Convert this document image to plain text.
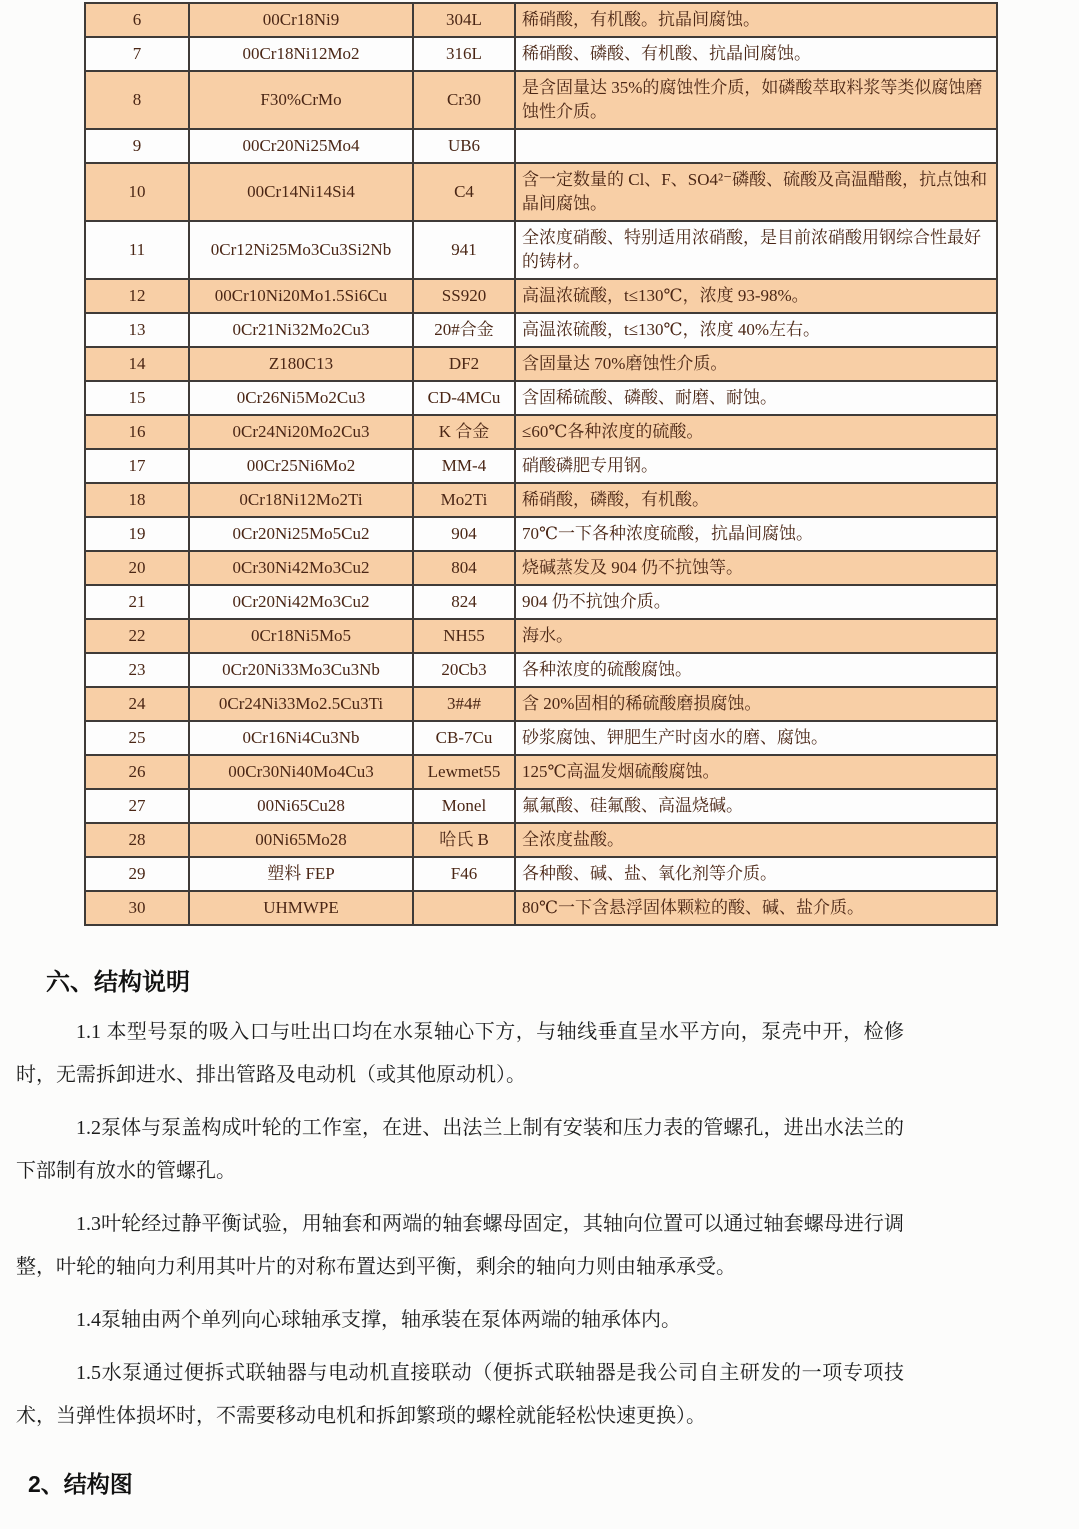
6	00Cr18Ni9	304L	稀硝酸，有机酸。抗晶间腐蚀。
7	00Cr18Ni12Mo2	316L	稀硝酸、磷酸、有机酸、抗晶间腐蚀。
8	F30%CrMo	Cr30	是含固量达 35%的腐蚀性介质，如磷酸萃取料浆等类似腐蚀磨蚀性介质。
9	00Cr20Ni25Mo4	UB6	
10	00Cr14Ni14Si4	C4	含一定数量的 Cl、F、SO4²⁻磷酸、硫酸及高温醋酸，抗点蚀和晶间腐蚀。
11	0Cr12Ni25Mo3Cu3Si2Nb	941	全浓度硝酸、特别适用浓硝酸，是目前浓硝酸用钢综合性最好的铸材。
12	00Cr10Ni20Mo1.5Si6Cu	SS920	高温浓硫酸，t≤130℃，浓度 93-98%。
13	0Cr21Ni32Mo2Cu3	20#合金	高温浓硫酸，t≤130℃，浓度 40%左右。
14	Z180C13	DF2	含固量达 70%磨蚀性介质。
15	0Cr26Ni5Mo2Cu3	CD-4MCu	含固稀硫酸、磷酸、耐磨、耐蚀。
16	0Cr24Ni20Mo2Cu3	K 合金	≤60℃各种浓度的硫酸。
17	00Cr25Ni6Mo2	MM-4	硝酸磷肥专用钢。
18	0Cr18Ni12Mo2Ti	Mo2Ti	稀硝酸，磷酸，有机酸。
19	0Cr20Ni25Mo5Cu2	904	70℃一下各种浓度硫酸，抗晶间腐蚀。
20	0Cr30Ni42Mo3Cu2	804	烧碱蒸发及 904 仍不抗蚀等。
21	0Cr20Ni42Mo3Cu2	824	904 仍不抗蚀介质。
22	0Cr18Ni5Mo5	NH55	海水。
23	0Cr20Ni33Mo3Cu3Nb	20Cb3	各种浓度的硫酸腐蚀。
24	0Cr24Ni33Mo2.5Cu3Ti	3#4#	含 20%固相的稀硫酸磨损腐蚀。
25	0Cr16Ni4Cu3Nb	CB-7Cu	砂浆腐蚀、钾肥生产时卤水的磨、腐蚀。
26	00Cr30Ni40Mo4Cu3	Lewmet55	125℃高温发烟硫酸腐蚀。
27	00Ni65Cu28	Monel	氟氟酸、硅氟酸、高温烧碱。
28	00Ni65Mo28	哈氏 B	全浓度盐酸。
29	塑料 FEP	F46	各种酸、碱、盐、氧化剂等介质。
30	UHMWPE		80℃一下含悬浮固体颗粒的酸、碱、盐介质。
六、结构说明

1.1 本型号泵的吸入口与吐出口均在水泵轴心下方，与轴线垂直呈水平方向，泵壳中开，检修时，无需拆卸进水、排出管路及电动机（或其他原动机）。

1.2泵体与泵盖构成叶轮的工作室，在进、出法兰上制有安装和压力表的管螺孔，进出水法兰的下部制有放水的管螺孔。

1.3叶轮经过静平衡试验，用轴套和两端的轴套螺母固定，其轴向位置可以通过轴套螺母进行调整，叶轮的轴向力利用其叶片的对称布置达到平衡，剩余的轴向力则由轴承承受。

1.4泵轴由两个单列向心球轴承支撑，轴承装在泵体两端的轴承体内。

1.5水泵通过便拆式联轴器与电动机直接联动（便拆式联轴器是我公司自主研发的一项专项技术，当弹性体损坏时，不需要移动电机和拆卸繁琐的螺栓就能轻松快速更换）。

2、结构图
